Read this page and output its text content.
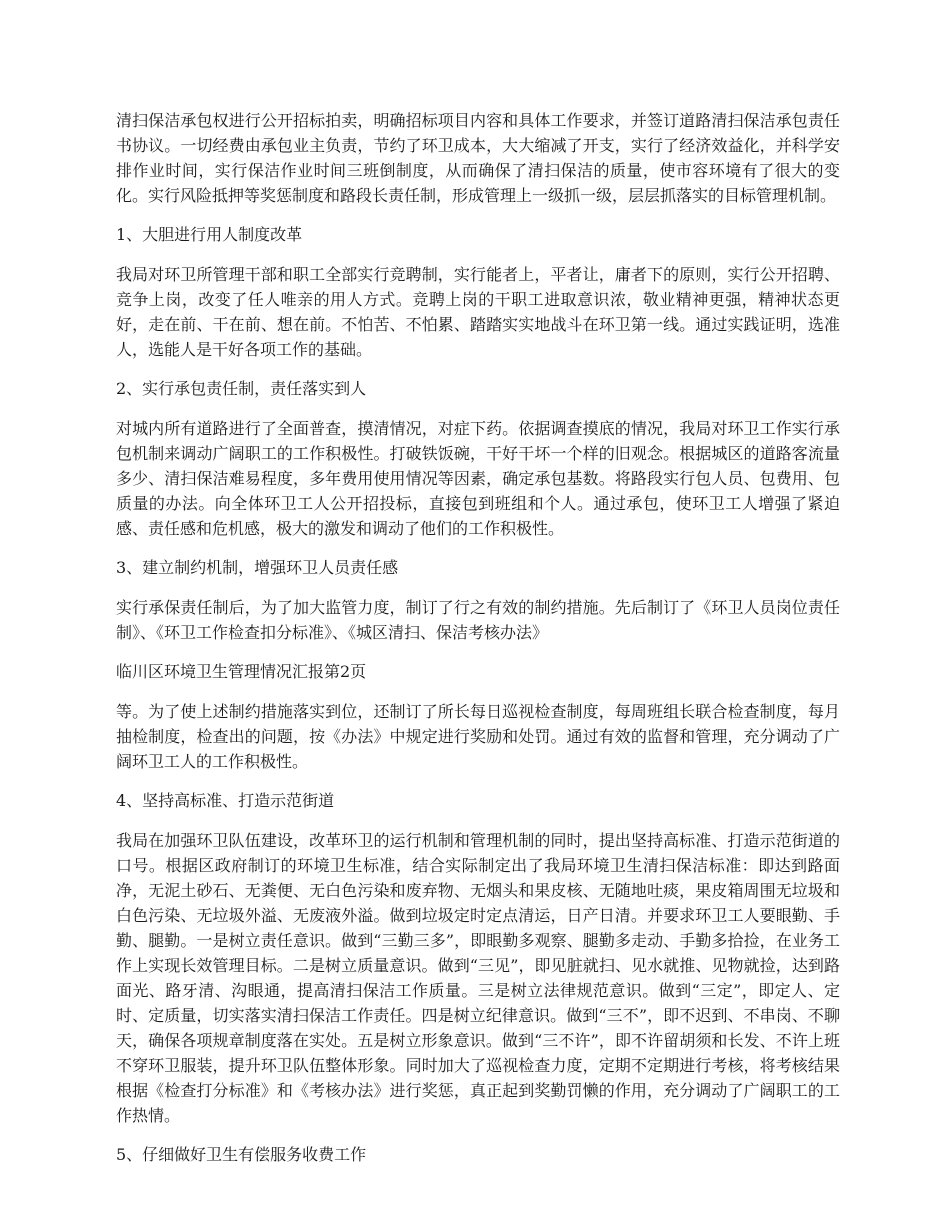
清扫保洁承包权进行公开招标拍卖，明确招标项目内容和具体工作要求，并签订道路清扫保洁承包责任书协议。一切经费由承包业主负责，节约了环卫成本，大大缩减了开支，实行了经济效益化，并科学安排作业时间，实行保洁作业时间三班倒制度，从而确保了清扫保洁的质量，使市容环境有了很大的变化。实行风险抵押等奖惩制度和路段长责任制，形成管理上一级抓一级，层层抓落实的目标管理机制。

1、大胆进行用人制度改革

我局对环卫所管理干部和职工全部实行竞聘制，实行能者上，平者让，庸者下的原则，实行公开招聘、竞争上岗，改变了任人唯亲的用人方式。竞聘上岗的干职工进取意识浓，敬业精神更强，精神状态更好，走在前、干在前、想在前。不怕苦、不怕累、踏踏实实地战斗在环卫第一线。通过实践证明，选准人，选能人是干好各项工作的基础。

2、实行承包责任制，责任落实到人

对城内所有道路进行了全面普查，摸清情况，对症下药。依据调查摸底的情况，我局对环卫工作实行承包机制来调动广阔职工的工作积极性。打破铁饭碗，干好干坏一个样的旧观念。根据城区的道路客流量多少、清扫保洁难易程度，多年费用使用情况等因素，确定承包基数。将路段实行包人员、包费用、包质量的办法。向全体环卫工人公开招投标，直接包到班组和个人。通过承包，使环卫工人增强了紧迫感、责任感和危机感，极大的激发和调动了他们的工作积极性。

3、建立制约机制，增强环卫人员责任感

实行承保责任制后，为了加大监管力度，制订了行之有效的制约措施。先后制订了《环卫人员岗位责任制》、《环卫工作检查扣分标准》、《城区清扫、保洁考核办法》

临川区环境卫生管理情况汇报第2页

等。为了使上述制约措施落实到位，还制订了所长每日巡视检查制度，每周班组长联合检查制度，每月抽检制度，检查出的问题，按《办法》中规定进行奖励和处罚。通过有效的监督和管理，充分调动了广阔环卫工人的工作积极性。

4、坚持高标准、打造示范街道

我局在加强环卫队伍建设，改革环卫的运行机制和管理机制的同时，提出坚持高标准、打造示范街道的口号。根据区政府制订的环境卫生标准，结合实际制定出了我局环境卫生清扫保洁标准：即达到路面净，无泥土砂石、无粪便、无白色污染和废弃物、无烟头和果皮核、无随地吐痰，果皮箱周围无垃圾和白色污染、无垃圾外溢、无废液外溢。做到垃圾定时定点清运，日产日清。并要求环卫工人要眼勤、手勤、腿勤。一是树立责任意识。做到“三勤三多”，即眼勤多观察、腿勤多走动、手勤多拾捡，在业务工作上实现长效管理目标。二是树立质量意识。做到“三见”，即见脏就扫、见水就推、见物就捡，达到路面光、路牙清、沟眼通，提高清扫保洁工作质量。三是树立法律规范意识。做到“三定”，即定人、定时、定质量，切实落实清扫保洁工作责任。四是树立纪律意识。做到“三不”，即不迟到、不串岗、不聊天，确保各项规章制度落在实处。五是树立形象意识。做到“三不许”，即不许留胡须和长发、不许上班不穿环卫服装，提升环卫队伍整体形象。同时加大了巡视检查力度，定期不定期进行考核，将考核结果根据《检查打分标准》和《考核办法》进行奖惩，真正起到奖勤罚懒的作用，充分调动了广阔职工的工作热情。

5、仔细做好卫生有偿服务收费工作
